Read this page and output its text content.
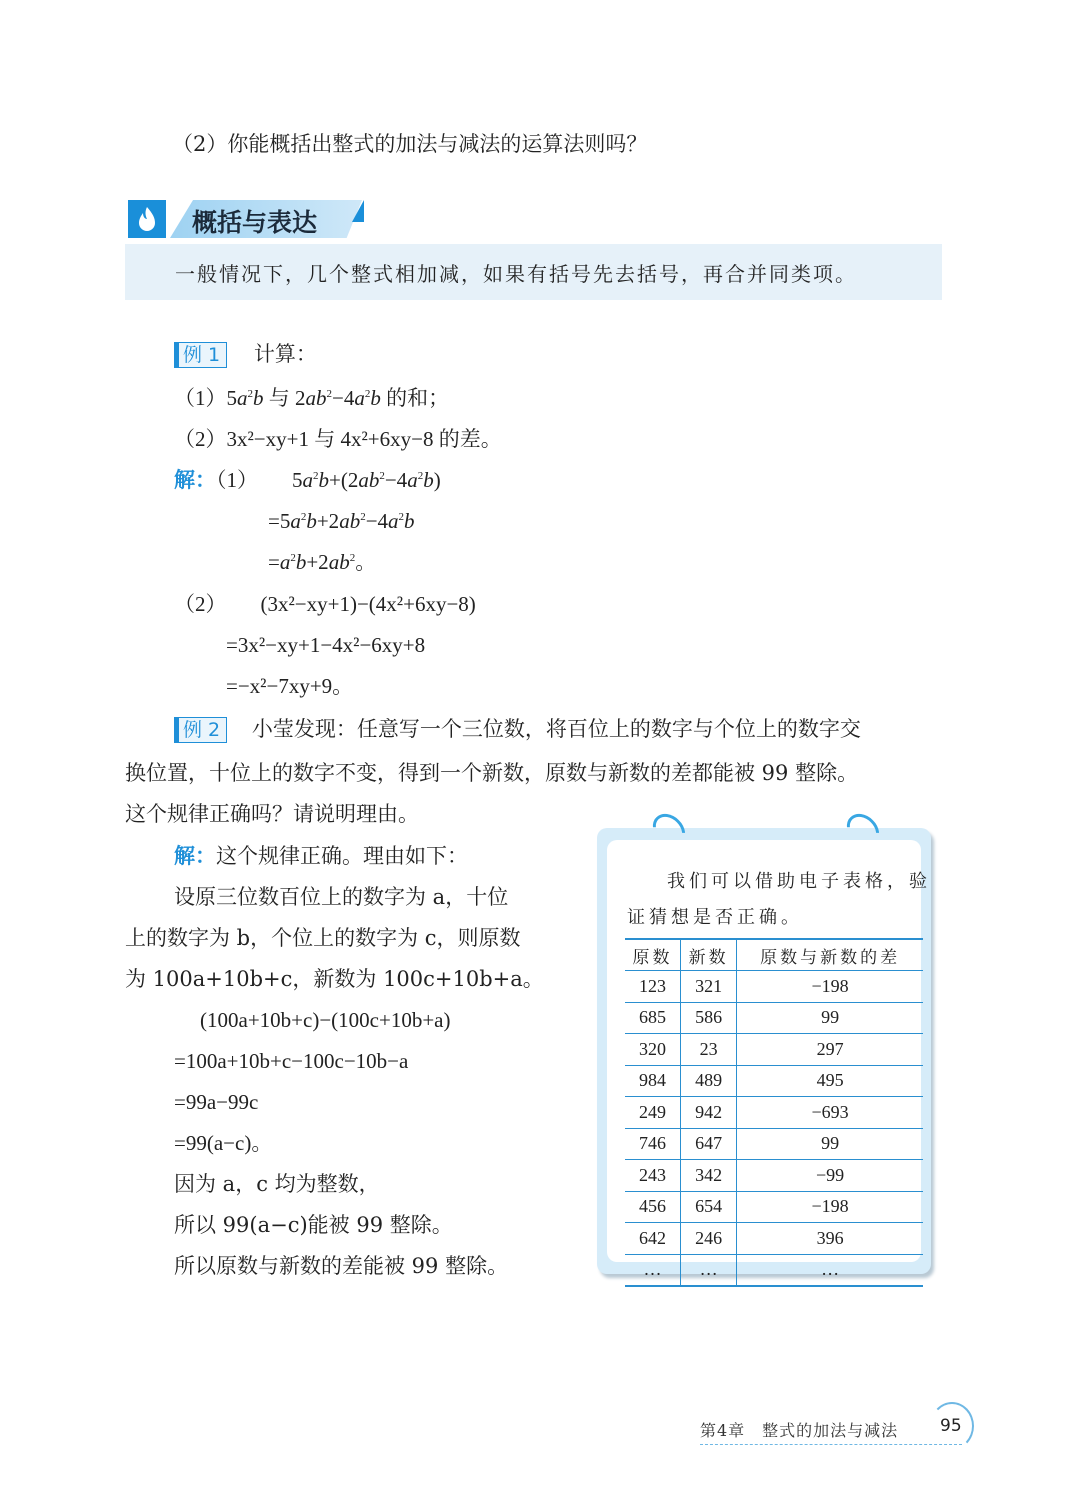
（2）你能概括出整式的加法与减法的运算法则吗？
概括与表达
一般情况下，几个整式相加减，如果有括号先去括号，再合并同类项。
例 1 计算：
$(1)5a^2b$ 与 $2ab^2-4a^2b$ 的和；
（2）3x²−xy+1 与 4x²+6xy−8 的差。
解：（1） $5a^2b+(2ab^2-4a^2b)$
$=5a^2b+2ab^2-4a^2b$
$=a^2b+2ab^2$。
（2） (3x²−xy+1)−(4x²+6xy−8)
=3x²−xy+1−4x²−6xy+8
=−x²−7xy+9。
例 2 小莹发现：任意写一个三位数，将百位上的数字与个位上的数字交
换位置，十位上的数字不变，得到一个新数，原数与新数的差都能被 99 整除。
这个规律正确吗？请说明理由。
解：这个规律正确。理由如下：
设原三位数百位上的数字为 a，十位
上的数字为 b，个位上的数字为 c，则原数
为 100a+10b+c，新数为 100c+10b+a。
(100a+10b+c)−(100c+10b+a)
=100a+10b+c−100c−10b−a
=99a−99c
=99(a−c)。
因为 a，c 均为整数，
所以 99(a−c)能被 99 整除。
所以原数与新数的差能被 99 整除。
我们可以借助电子表格，验
证猜想是否正确。
原数	新数	原数与新数的差
123	321	−198
685	586	99
320	23	297
984	489	495
249	942	−693
746	647	99
243	342	−99
456	654	−198
642	246	396
…	…	…
第4章　整式的加法与减法 95
